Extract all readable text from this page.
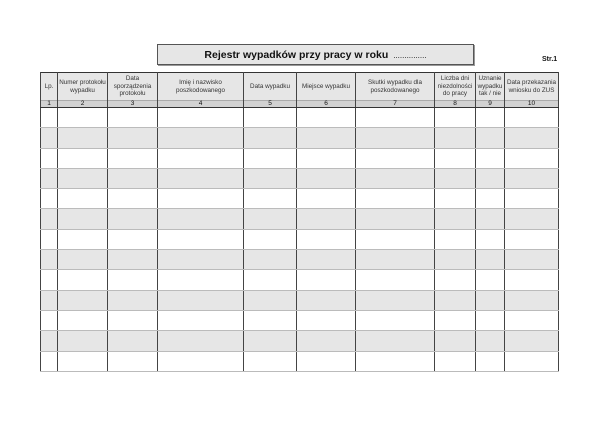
Rejestr wypadków przy pracy w roku ...............	Str.1
Lp.	Numer protokołu wypadku	Data sporządzenia protokołu	Imię i nazwisko poszkodowanego	Data wypadku	Miejsce wypadku	Skutki wypadku dla poszkodowanego	Liczba dni niezdolności do pracy	Uznanie wypadku tak / nie	Data przekazania wniosku do ZUS
1	2	3	4	5	6	7	8	9	10
